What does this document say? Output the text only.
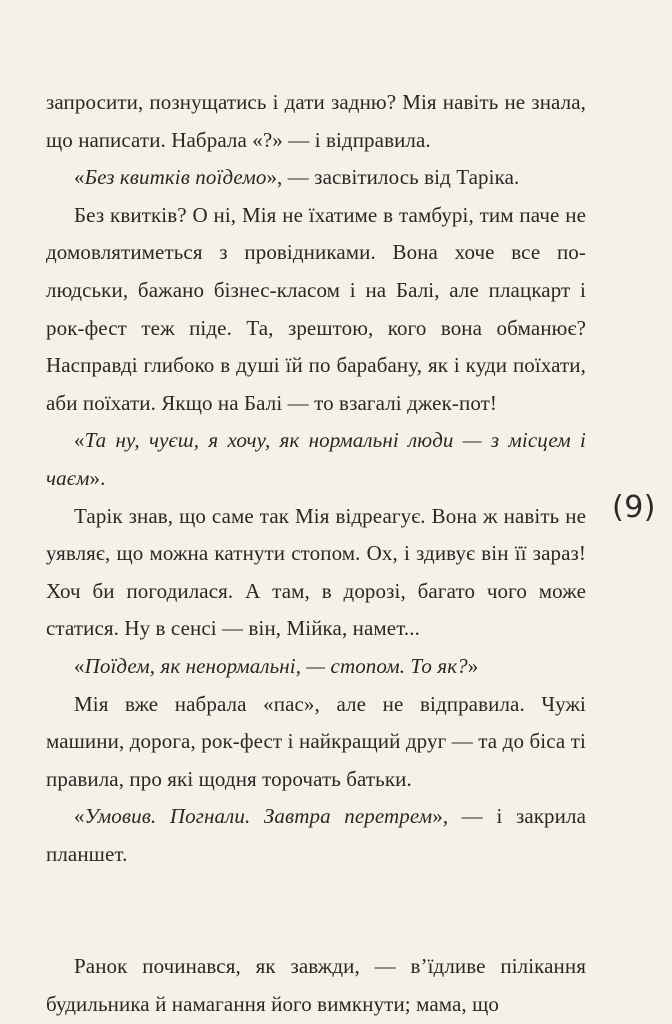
запросити, познущатись і дати задню? Мія навіть не знала, що написати. Набрала «?» — і відправила.

«Без квитків поїдемо», — засвітилось від Таріка.

Без квитків? О ні, Мія не їхатиме в тамбурі, тим паче не домовлятиметься з провідниками. Вона хоче все по-людськи, бажано бізнес-класом і на Балі, але плацкарт і рок-фест теж піде. Та, зрештою, кого вона обманює? Насправді глибоко в душі їй по барабану, як і куди поїхати, аби поїхати. Якщо на Балі — то взагалі джек-пот!

«Та ну, чуєш, я хочу, як нормальні люди — з місцем і чаєм».

Тарік знав, що саме так Мія відреагує. Вона ж навіть не уявляє, що можна катнути стопом. Ох, і здивує він її зараз! Хоч би погодилася. А там, в дорозі, багато чого може статися. Ну в сенсі — він, Мійка, намет...

«Поїдем, як ненормальні, — стопом. То як?»

Мія вже набрала «пас», але не відправила. Чужі машини, дорога, рок-фест і найкращий друг — та до біса ті правила, про які щодня торочать батьки.

«Умовив. Погнали. Завтра перетрем», — і закрила планшет.

Ранок починався, як завжди, — в’їдливе пілікання будильника й намагання його вимкнути; мама, що

(9)
